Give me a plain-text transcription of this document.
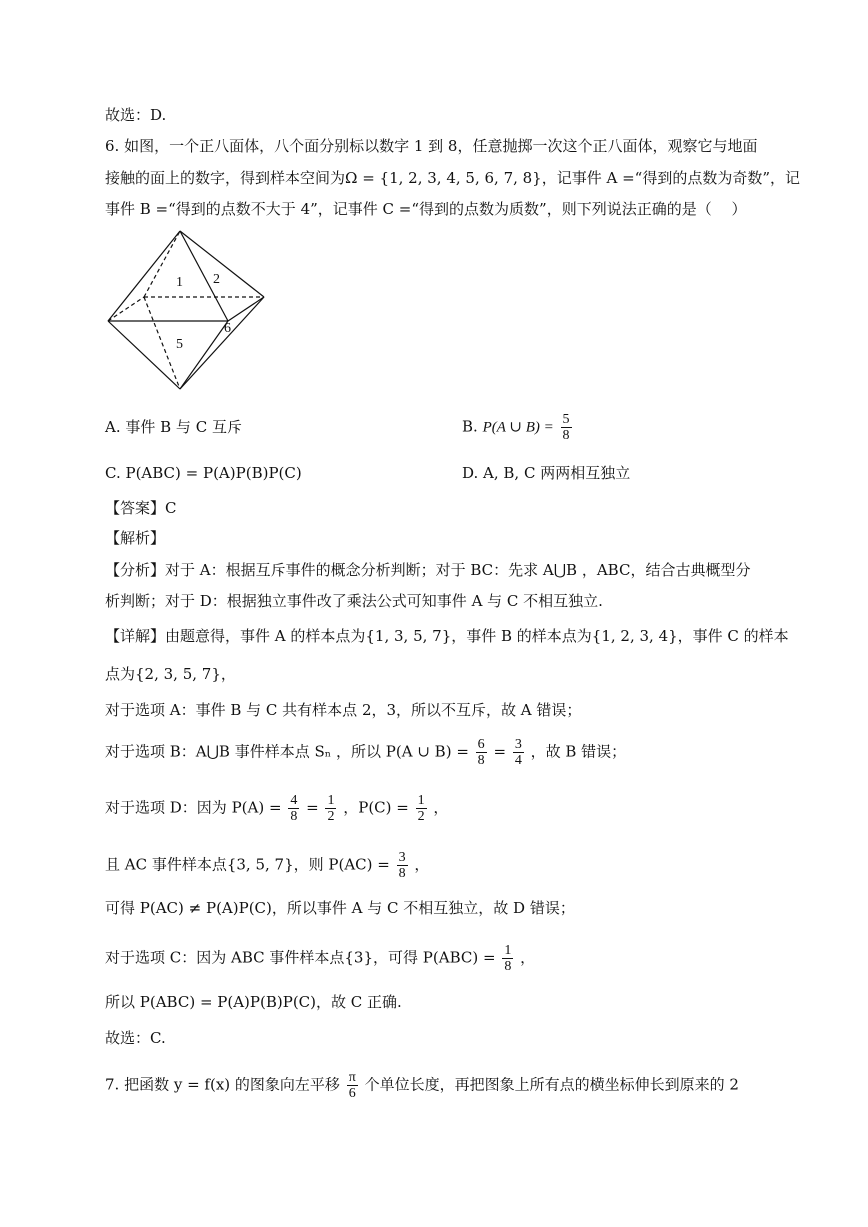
故选：D.
6. 如图，一个正八面体，八个面分别标以数字 1 到 8，任意抛掷一次这个正八面体，观察它与地面
接触的面上的数字，得到样本空间为Ω = {1, 2, 3, 4, 5, 6, 7, 8}，记事件 A =“得到的点数为奇数”，记
事件 B =“得到的点数不大于 4”，记事件 C =“得到的点数为质数”，则下列说法正确的是（　 ）
1 2
5
6
A. 事件 B 与 C 互斥	B. P(A ∪ $B) = \frac{5}{8}$
C. P(ABC) = P(A)P(B)P(C)	D. A, B, C 两两相互独立
【答案】C
【解析】
【分析】对于 A：根据互斥事件的概念分析判断；对于 BC：先求 A⋃B ，ABC，结合古典概型分
析判断；对于 D：根据独立事件改了乘法公式可知事件 A 与 C 不相互独立.
【详解】由题意得，事件 A 的样本点为{1, 3, 5, 7}，事件 B 的样本点为{1, 2, 3, 4}，事件 C 的样本
点为{2, 3, 5, 7}，
对于选项 A：事件 B 与 C 共有样本点 2，3，所以不互斥，故 A 错误；
对于选项 B：A⋃B 事件样本点 Sₙ ，所以 P(A ∪ $B) = \frac{6}{8} = \frac{3}{4}$ ，故 B 错误；
对于选项 D：因为 $P(A) = \frac{4}{8} = \frac{1}{2}$ ，$P(C) = \frac{1}{2}$ ，
且 AC 事件样本点{3, 5, 7}，则 $P(AC) = \frac{3}{8}$ ，
可得 P(AC) ≠ P(A)P(C)，所以事件 A 与 C 不相互独立，故 D 错误；
对于选项 C：因为 ABC 事件样本点{3}，可得 $P(ABC) = \frac{1}{8}$ ，
所以 P(ABC) = P(A)P(B)P(C)，故 C 正确.
故选：C.
7. 把函数 y = f(x) 的图象向左平移 $\frac{\pi}{6}$ 个单位长度，再把图象上所有点的横坐标伸长到原来的 2
